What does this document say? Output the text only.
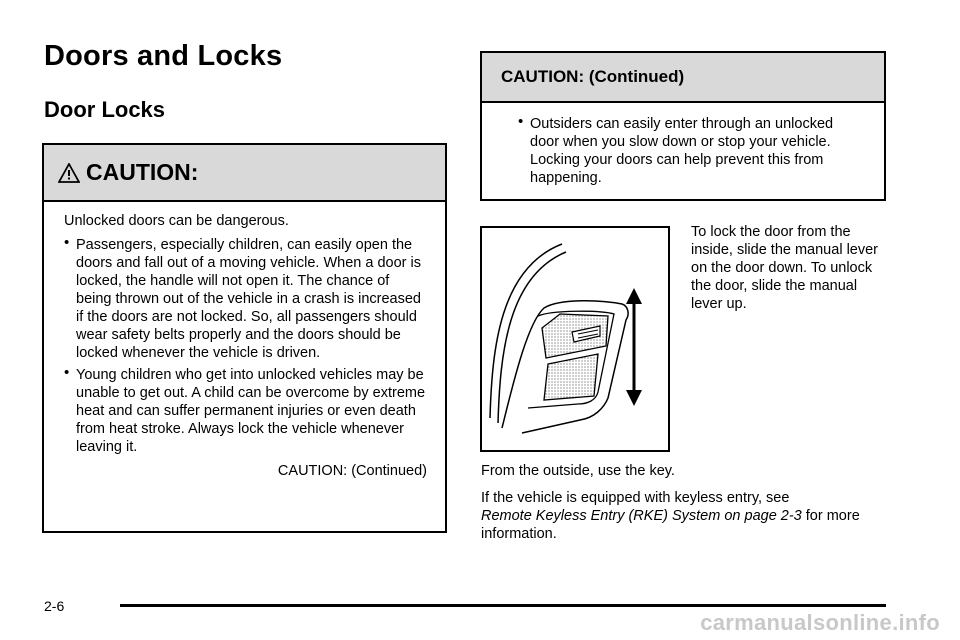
Doors and Locks
Door Locks
CAUTION:

Unlocked doors can be dangerous.

• Passengers, especially children, can easily open the doors and fall out of a moving vehicle. When a door is locked, the handle will not open it. The chance of being thrown out of the vehicle in a crash is increased if the doors are not locked. So, all passengers should wear safety belts properly and the doors should be locked whenever the vehicle is driven.
• Young children who get into unlocked vehicles may be unable to get out. A child can be overcome by extreme heat and can suffer permanent injuries or even death from heat stroke. Always lock the vehicle whenever leaving it.
CAUTION: (Continued)
CAUTION: (Continued)
• Outsiders can easily enter through an unlocked door when you slow down or stop your vehicle. Locking your doors can help prevent this from happening.
To lock the door from the inside, slide the manual lever on the door down. To unlock the door, slide the manual lever up.
From the outside, use the key.
If the vehicle is equipped with keyless entry, see
Remote Keyless Entry (RKE) System on page 2-3 for more information.
2-6
carmanualsonline.info
